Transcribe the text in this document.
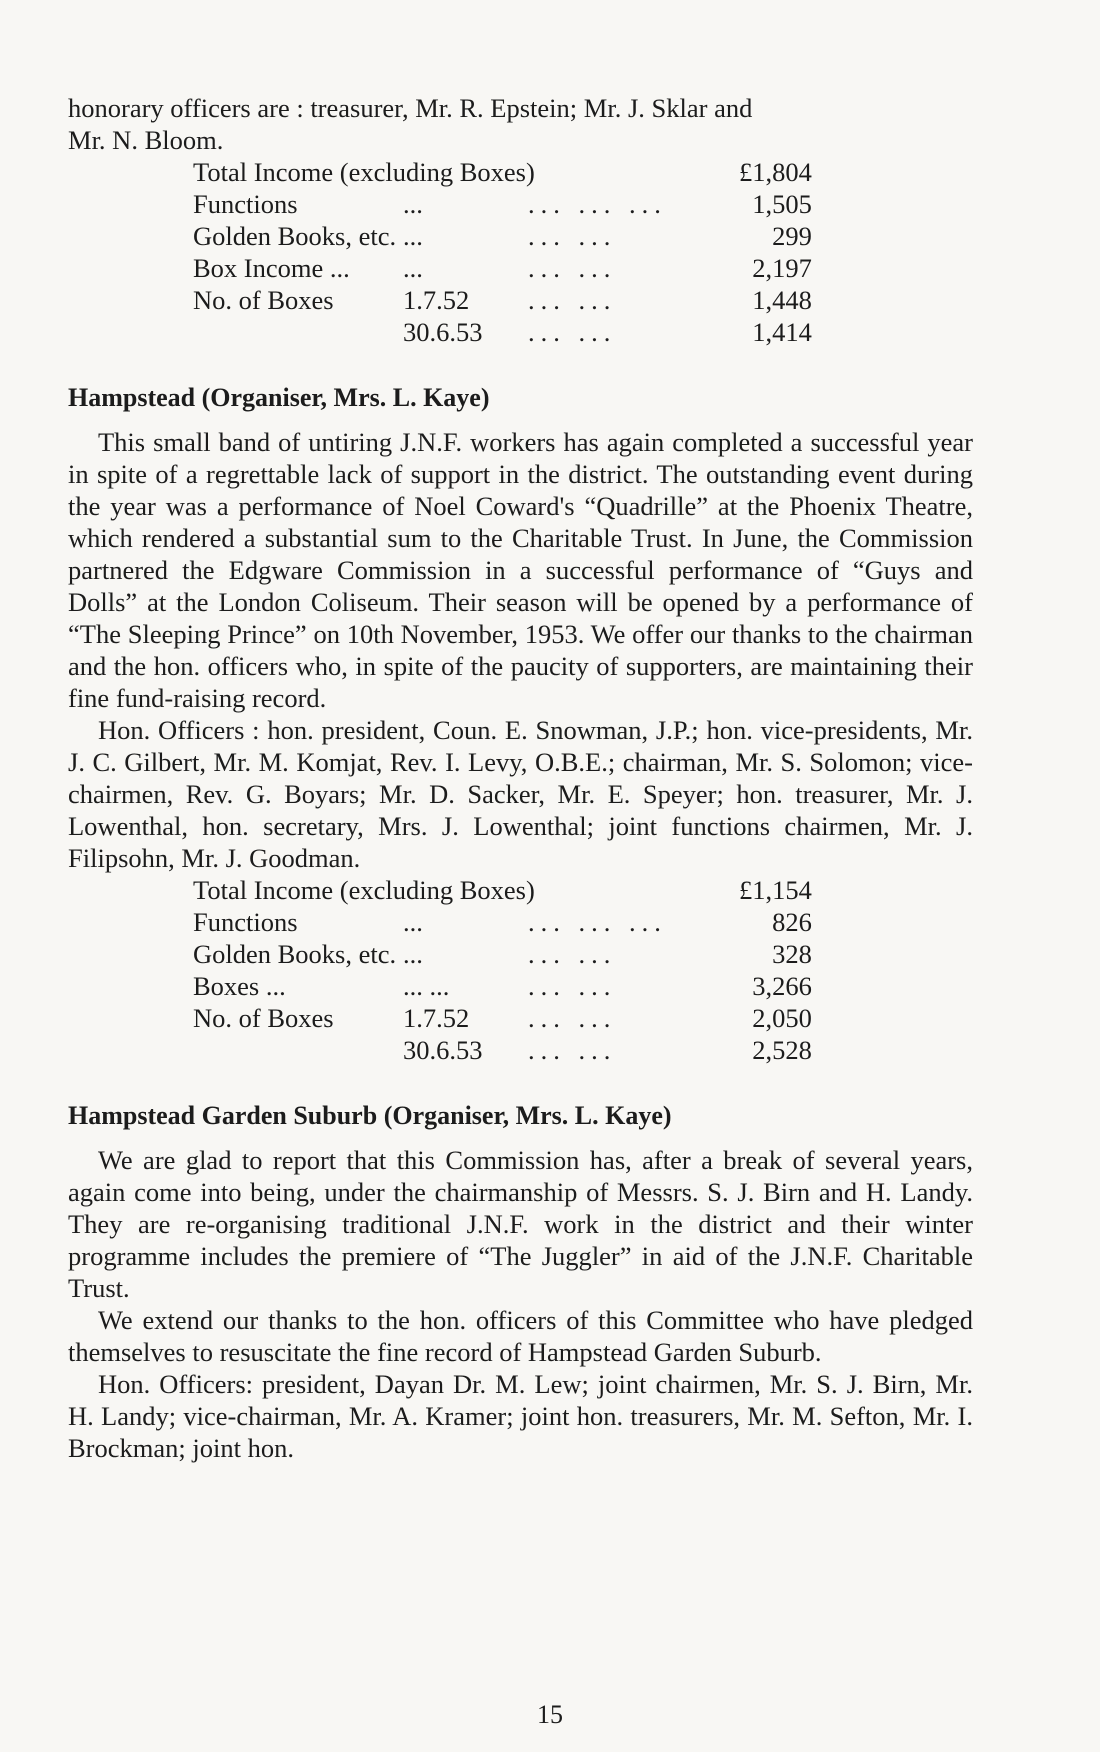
honorary officers are : treasurer, Mr. R. Epstein; Mr. J. Sklar and

Mr. N. Bloom.

Total Income (excluding Boxes)			£1,804
Functions	...	... ... ...	1,505
Golden Books, etc.	...	... ...	299
Box Income ...	...	... ...	2,197
No. of Boxes	1.7.52	... ...	1,448
	30.6.53	... ...	1,414
Hampstead (Organiser, Mrs. L. Kaye)

This small band of untiring J.N.F. workers has again completed a successful year in spite of a regrettable lack of support in the district. The outstanding event during the year was a performance of Noel Coward's “Quadrille” at the Phoenix Theatre, which rendered a substantial sum to the Charitable Trust. In June, the Commission partnered the Edgware Commission in a successful performance of “Guys and Dolls” at the London Coliseum. Their season will be opened by a performance of “The Sleeping Prince” on 10th November, 1953. We offer our thanks to the chairman and the hon. officers who, in spite of the paucity of supporters, are maintaining their fine fund-raising record.

Hon. Officers : hon. president, Coun. E. Snowman, J.P.; hon. vice-presidents, Mr. J. C. Gilbert, Mr. M. Komjat, Rev. I. Levy, O.B.E.; chairman, Mr. S. Solomon; vice-chairmen, Rev. G. Boyars; Mr. D. Sacker, Mr. E. Speyer; hon. treasurer, Mr. J. Lowenthal, hon. secretary, Mrs. J. Lowenthal; joint functions chairmen, Mr. J. Filipsohn, Mr. J. Goodman.

Total Income (excluding Boxes)			£1,154
Functions	...	... ... ...	826
Golden Books, etc.	...	... ...	328
Boxes ...	... ...	... ...	3,266
No. of Boxes	1.7.52	... ...	2,050
	30.6.53	... ...	2,528
Hampstead Garden Suburb (Organiser, Mrs. L. Kaye)

We are glad to report that this Commission has, after a break of several years, again come into being, under the chairmanship of Messrs. S. J. Birn and H. Landy. They are re-organising traditional J.N.F. work in the district and their winter programme includes the premiere of “The Juggler” in aid of the J.N.F. Charitable Trust.

We extend our thanks to the hon. officers of this Committee who have pledged themselves to resuscitate the fine record of Hampstead Garden Suburb.

Hon. Officers: president, Dayan Dr. M. Lew; joint chairmen, Mr. S. J. Birn, Mr. H. Landy; vice-chairman, Mr. A. Kramer; joint hon. treasurers, Mr. M. Sefton, Mr. I. Brockman; joint hon.

15
